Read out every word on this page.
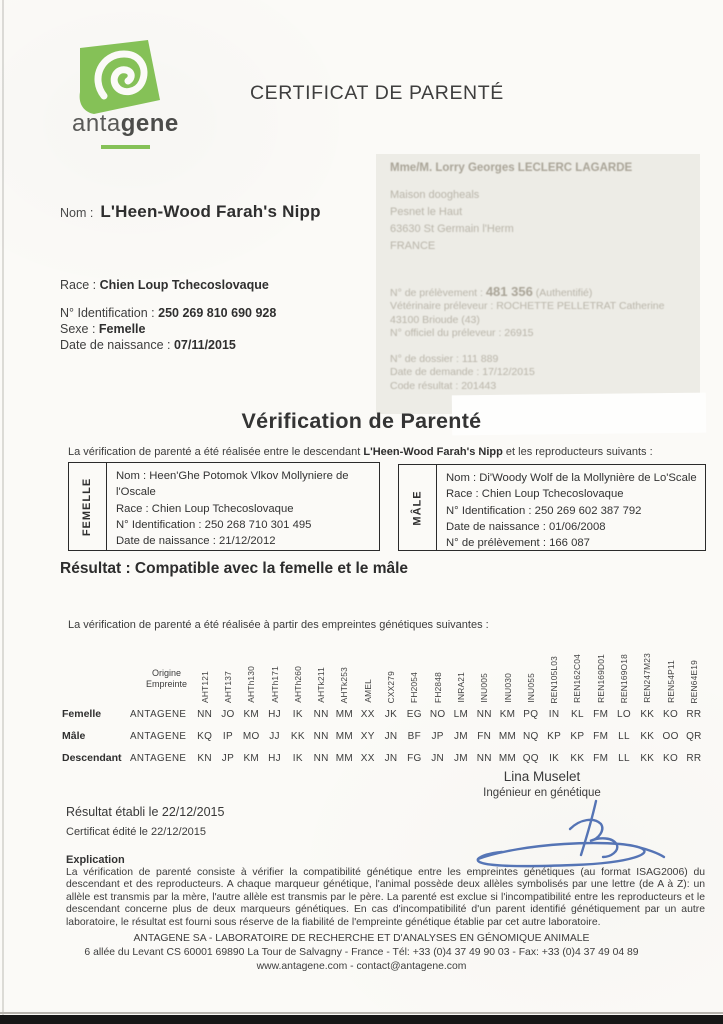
antagene
CERTIFICAT DE PARENTÉ
Mme/M. Lorry Georges LECLERC LAGARDE
Maison doogheals
Pesnet le Haut
63630 St Germain l'Herm
FRANCE
N° de prélèvement : 481 356 (Authentifié)
Vétérinaire préleveur : ROCHETTE PELLETRAT Catherine
43100 Brioude (43)
N° officiel du préleveur : 26915
N° de dossier : 111 889
Date de demande : 17/12/2015
Code résultat : 201443
Nom : L'Heen-Wood Farah's Nipp
Race : Chien Loup Tchecoslovaque
N° Identification : 250 269 810 690 928
Sexe : Femelle
Date de naissance : 07/11/2015
Vérification de Parenté
La vérification de parenté a été réalisée entre le descendant L'Heen-Wood Farah's Nipp et les reproducteurs suivants :
FEMELLE
Nom : Heen'Ghe Potomok Vlkov Mollyniere de l'Oscale
Race : Chien Loup Tchecoslovaque
N° Identification : 250 268 710 301 495
Date de naissance : 21/12/2012
MÂLE
Nom : Di'Woody Wolf de la Mollynière de Lo'Scale
Race : Chien Loup Tchecoslovaque
N° Identification : 250 269 602 387 792
Date de naissance : 01/06/2008
N° de prélèvement : 166 087
Résultat : Compatible avec la femelle et le mâle
La vérification de parenté a été réalisée à partir des empreintes génétiques suivantes :
Origine
Empreinte AHT121 AHT137 AHTh130 AHTh171 AHTh260 AHTk211 AHTk253 AMEL CXX279 FH2054 FH2848 INRA21 INU005 INU030 INU055 REN105L03 REN162C04 REN169D01 REN169O18 REN247M23 REN54P11 REN64E19
Femelle	ANTAGENE	NN JO KM HJ	IK	NN MM XX	JK EG NO LM NN KM PQ	IN	KL FM LO KK KO RR
Mâle	ANTAGENE	KQ	IP MO JJ	KK NN MM XY JN	BF	JP	JM FN MM NQ KP KP FM LL	KK OO QR
Descendant ANTAGENE	KN JP KM HJ	IK	NN MM XX JN FG JN JM NN MM QQ	IK	KK FM LL	KK KO RR
Lina Muselet
Ingénieur en génétique
Résultat établi le 22/12/2015
Certificat édité le 22/12/2015
Explication
La vérification de parenté consiste à vérifier la compatibilité génétique entre les empreintes génétiques (au format ISAG2006) du descendant et des reproducteurs. A chaque marqueur génétique, l'animal possède deux allèles symbolisés par une lettre (de A à Z): un allèle est transmis par la mère, l'autre allèle est transmis par le père. La parenté est exclue si l'incompatibilité entre les reproducteurs et le descendant concerne plus de deux marqueurs génétiques. En cas d'incompatibilité d'un parent identifié génétiquement par un autre laboratoire, le résultat est fourni sous réserve de la fiabilité de l'empreinte génétique établie par cet autre laboratoire.
ANTAGENE SA - LABORATOIRE DE RECHERCHE ET D'ANALYSES EN GÉNOMIQUE ANIMALE
6 allée du Levant CS 60001 69890 La Tour de Salvagny - France - Tél: +33 (0)4 37 49 90 03 - Fax: +33 (0)4 37 49 04 89
www.antagene.com - contact@antagene.com
